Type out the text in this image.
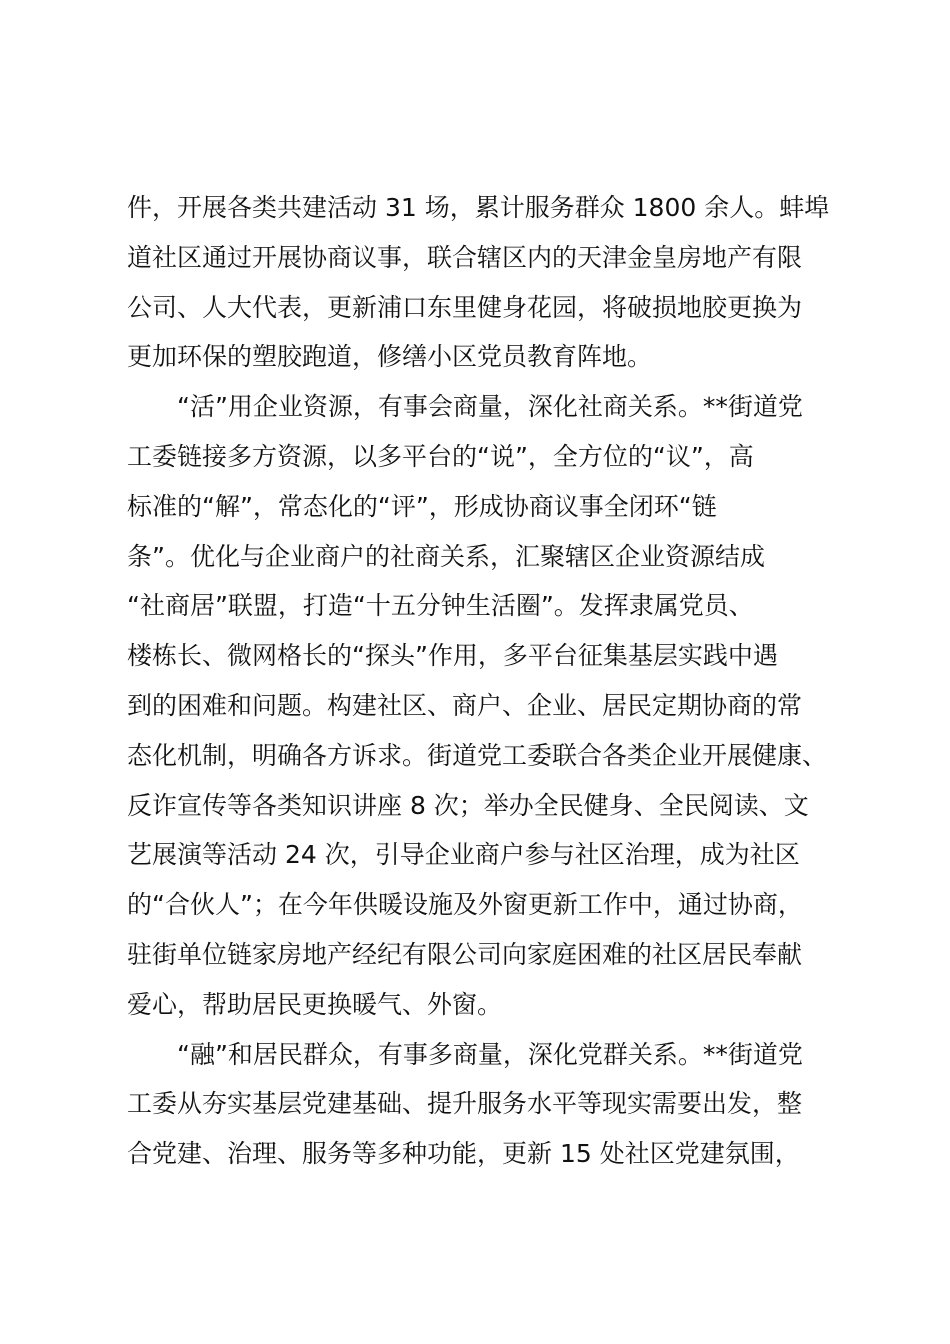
件，开展各类共建活动 31 场，累计服务群众 1800 余人。蚌埠
道社区通过开展协商议事，联合辖区内的天津金皇房地产有限
公司、人大代表，更新浦口东里健身花园，将破损地胶更换为
更加环保的塑胶跑道，修缮小区党员教育阵地。
“活”用企业资源，有事会商量，深化社商关系。**街道党
工委链接多方资源，以多平台的“说”，全方位的“议”，高
标准的“解”，常态化的“评”，形成协商议事全闭环“链
条”。优化与企业商户的社商关系，汇聚辖区企业资源结成
“社商居”联盟，打造“十五分钟生活圈”。发挥隶属党员、
楼栋长、微网格长的“探头”作用，多平台征集基层实践中遇
到的困难和问题。构建社区、商户、企业、居民定期协商的常
态化机制，明确各方诉求。街道党工委联合各类企业开展健康、
反诈宣传等各类知识讲座 8 次；举办全民健身、全民阅读、文
艺展演等活动 24 次，引导企业商户参与社区治理，成为社区
的“合伙人”；在今年供暖设施及外窗更新工作中，通过协商，
驻街单位链家房地产经纪有限公司向家庭困难的社区居民奉献
爱心，帮助居民更换暖气、外窗。
“融”和居民群众，有事多商量，深化党群关系。**街道党
工委从夯实基层党建基础、提升服务水平等现实需要出发，整
合党建、治理、服务等多种功能，更新 15 处社区党建氛围，
